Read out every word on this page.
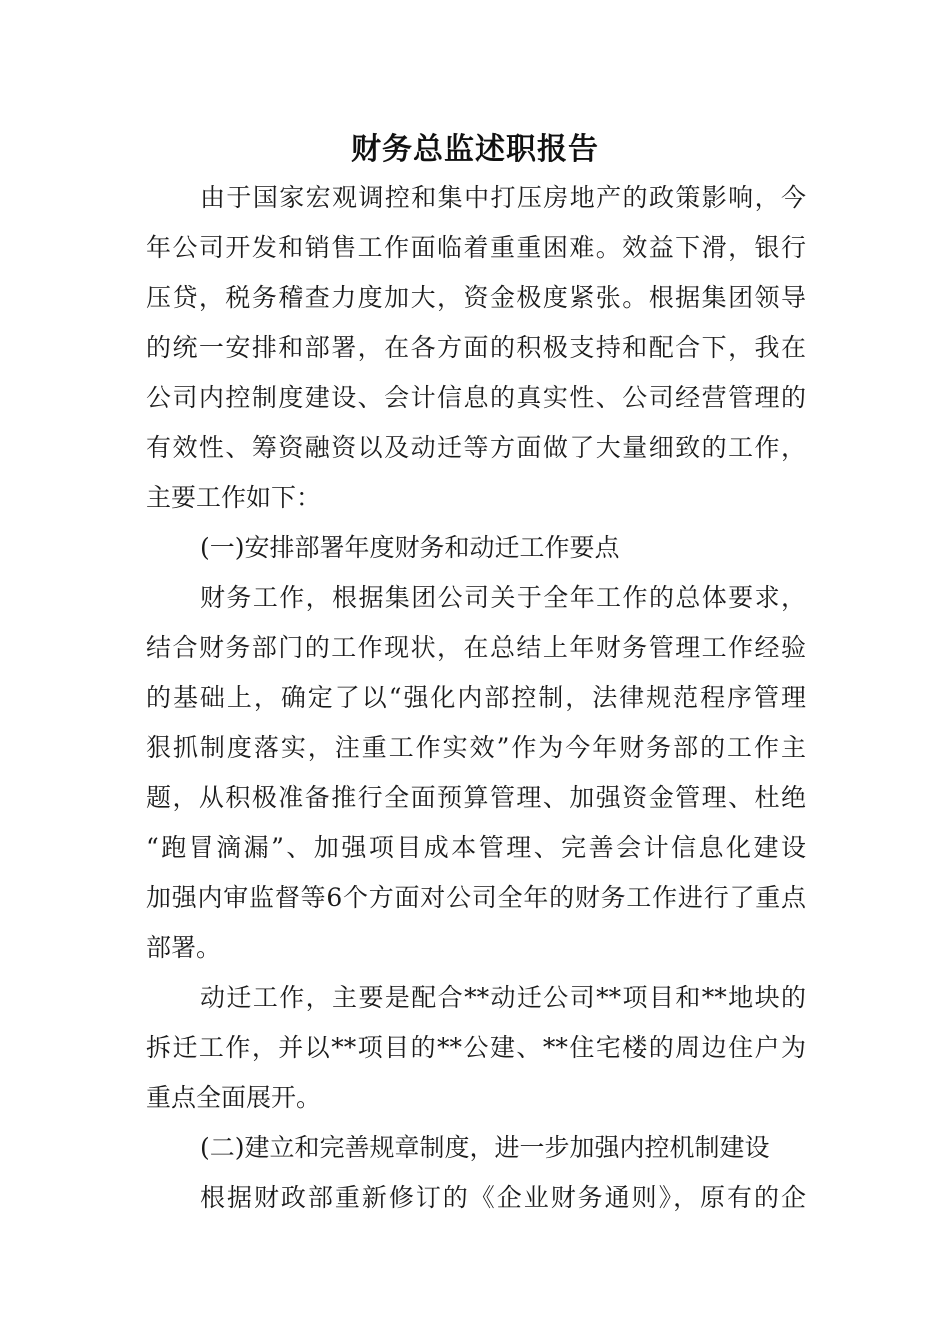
财务总监述职报告
由于国家宏观调控和集中打压房地产的政策影响，今
年公司开发和销售工作面临着重重困难。效益下滑，银行
压贷，税务稽查力度加大，资金极度紧张。根据集团领导
的统一安排和部署，在各方面的积极支持和配合下，我在
公司内控制度建设、会计信息的真实性、公司经营管理的
有效性、筹资融资以及动迁等方面做了大量细致的工作，
主要工作如下：
(一)安排部署年度财务和动迁工作要点
财务工作，根据集团公司关于全年工作的总体要求，
结合财务部门的工作现状，在总结上年财务管理工作经验
的基础上，确定了以“强化内部控制，法律规范程序管理
狠抓制度落实，注重工作实效”作为今年财务部的工作主
题，从积极准备推行全面预算管理、加强资金管理、杜绝
“跑冒滴漏”、加强项目成本管理、完善会计信息化建设
加强内审监督等6个方面对公司全年的财务工作进行了重点
部署。
动迁工作，主要是配合**动迁公司**项目和**地块的
拆迁工作，并以**项目的**公建、**住宅楼的周边住户为
重点全面展开。
(二)建立和完善规章制度，进一步加强内控机制建设
根据财政部重新修订的《企业财务通则》，原有的企
